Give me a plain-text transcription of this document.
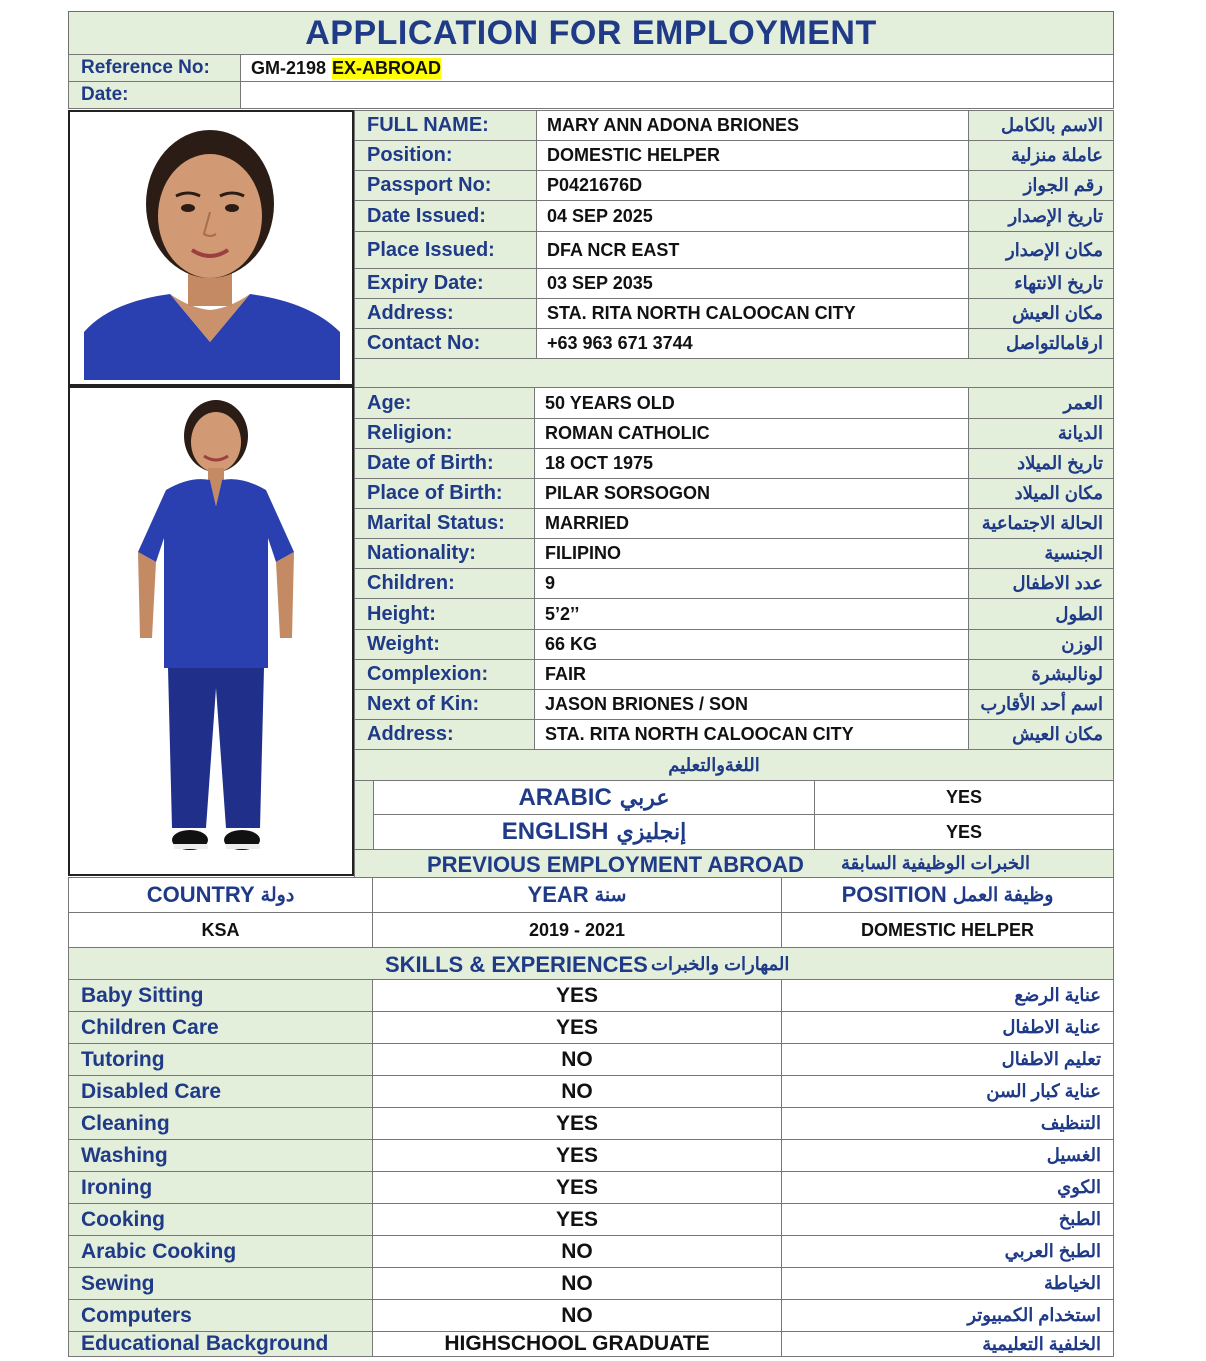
APPLICATION FOR EMPLOYMENT
Reference No: GM-2198 EX-ABROAD
Date:
FULL NAME:	MARY ANN ADONA BRIONES	الاسم بالكامل
Position:	DOMESTIC HELPER	عاملة منزلية
Passport No:	P0421676D	رقم الجواز
Date Issued:	04 SEP 2025	تاريخ الإصدار
Place Issued:	DFA NCR EAST	مكان الإصدار
Expiry Date:	03 SEP 2035	تاريخ الانتهاء
Address:	STA. RITA NORTH CALOOCAN CITY	مكان العيش
Contact No:	+63 963 671 3744	ارقامالتواصل
Age:	50 YEARS OLD	العمر
Religion:	ROMAN CATHOLIC	الديانة
Date of Birth:	18 OCT 1975	تاريخ الميلاد
Place of Birth: PILAR SORSOGON	مكان الميلاد
Marital Status: MARRIED	الحالة الاجتماعية
Nationality:	FILIPINO	الجنسية
Children:	9	عدد الاطفال
Height:	5’2’’	الطول
Weight:	66 KG	الوزن
Complexion:	FAIR	لونالبشرة
Next of Kin:	JASON BRIONES / SON	اسم أحد الأقارب
Address:	STA. RITA NORTH CALOOCAN CITY	مكان العيش
اللغةوالتعليم
ARABIC عربي	YES
ENGLISH إنجليزي	YES
PREVIOUS EMPLOYMENT ABROAD الخبرات الوظيفية السابقة
COUNTRY دولة	YEAR سنة	POSITION وظيفة العمل
KSA	2019 - 2021	DOMESTIC HELPER
SKILLS & EXPERIENCES المهارات والخبرات
Baby Sitting	YES	عناية الرضع
Children Care	YES	عناية الاطفال
Tutoring	NO	تعليم الاطفال
Disabled Care	NO	عناية كبار السن
Cleaning	YES	التنظيف
Washing	YES	الغسيل
Ironing	YES	الكوي
Cooking	YES	الطبخ
Arabic Cooking	NO	الطبخ العربي
Sewing	NO	الخياطة
Computers	NO	استخدام الكمبيوتر
Educational Background	HIGHSCHOOL GRADUATE	الخلفية التعليمية
